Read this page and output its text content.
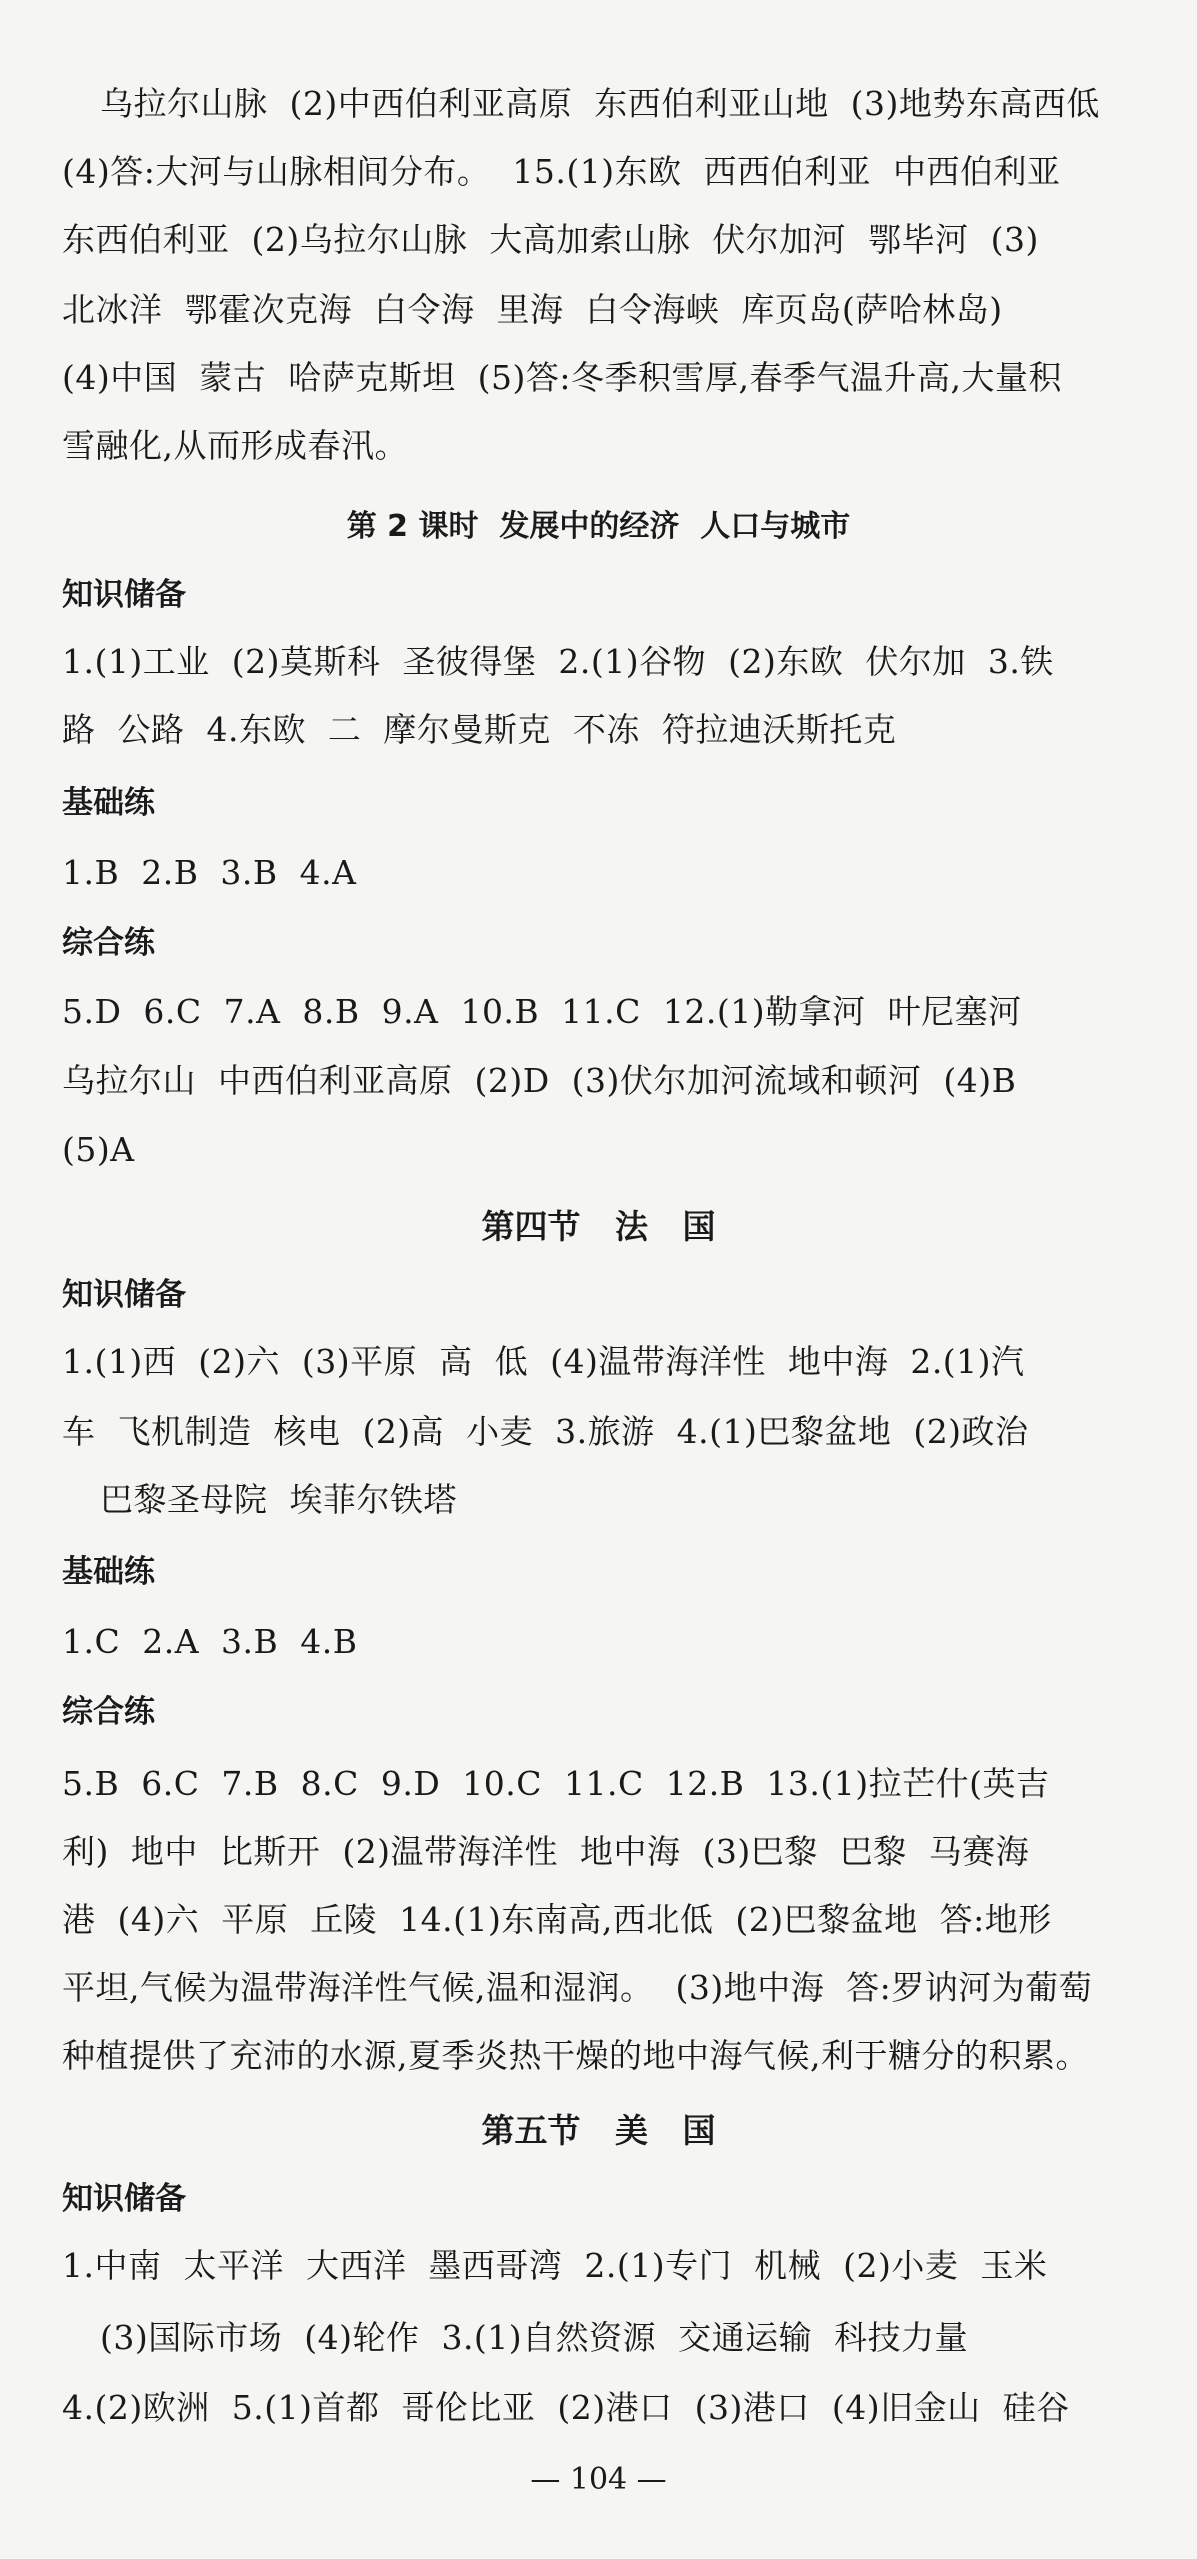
乌拉尔山脉  (2)中西伯利亚高原  东西伯利亚山地  (3)地势东高西低
(4)答:大河与山脉相间分布。  15.(1)东欧  西西伯利亚  中西伯利亚
东西伯利亚  (2)乌拉尔山脉  大高加索山脉  伏尔加河  鄂毕河  (3)
北冰洋  鄂霍次克海  白令海  里海  白令海峡  库页岛(萨哈林岛)
(4)中国  蒙古  哈萨克斯坦  (5)答:冬季积雪厚,春季气温升高,大量积
雪融化,从而形成春汛。
第 2 课时  发展中的经济  人口与城市
知识储备
1.(1)工业  (2)莫斯科  圣彼得堡  2.(1)谷物  (2)东欧  伏尔加  3.铁
路  公路  4.东欧  二  摩尔曼斯克  不冻  符拉迪沃斯托克
基础练
1.B  2.B  3.B  4.A
综合练
5.D  6.C  7.A  8.B  9.A  10.B  11.C  12.(1)勒拿河  叶尼塞河
乌拉尔山  中西伯利亚高原  (2)D  (3)伏尔加河流域和顿河  (4)B
(5)A
第四节   法   国
知识储备
1.(1)西  (2)六  (3)平原  高  低  (4)温带海洋性  地中海  2.(1)汽
车  飞机制造  核电  (2)高  小麦  3.旅游  4.(1)巴黎盆地  (2)政治
巴黎圣母院  埃菲尔铁塔
基础练
1.C  2.A  3.B  4.B
综合练
5.B  6.C  7.B  8.C  9.D  10.C  11.C  12.B  13.(1)拉芒什(英吉
利)  地中  比斯开  (2)温带海洋性  地中海  (3)巴黎  巴黎  马赛海
港  (4)六  平原  丘陵  14.(1)东南高,西北低  (2)巴黎盆地  答:地形
平坦,气候为温带海洋性气候,温和湿润。  (3)地中海  答:罗讷河为葡萄
种植提供了充沛的水源,夏季炎热干燥的地中海气候,利于糖分的积累。
第五节   美   国
知识储备
1.中南  太平洋  大西洋  墨西哥湾  2.(1)专门  机械  (2)小麦  玉米
(3)国际市场  (4)轮作  3.(1)自然资源  交通运输  科技力量
4.(2)欧洲  5.(1)首都  哥伦比亚  (2)港口  (3)港口  (4)旧金山  硅谷
— 104 —
